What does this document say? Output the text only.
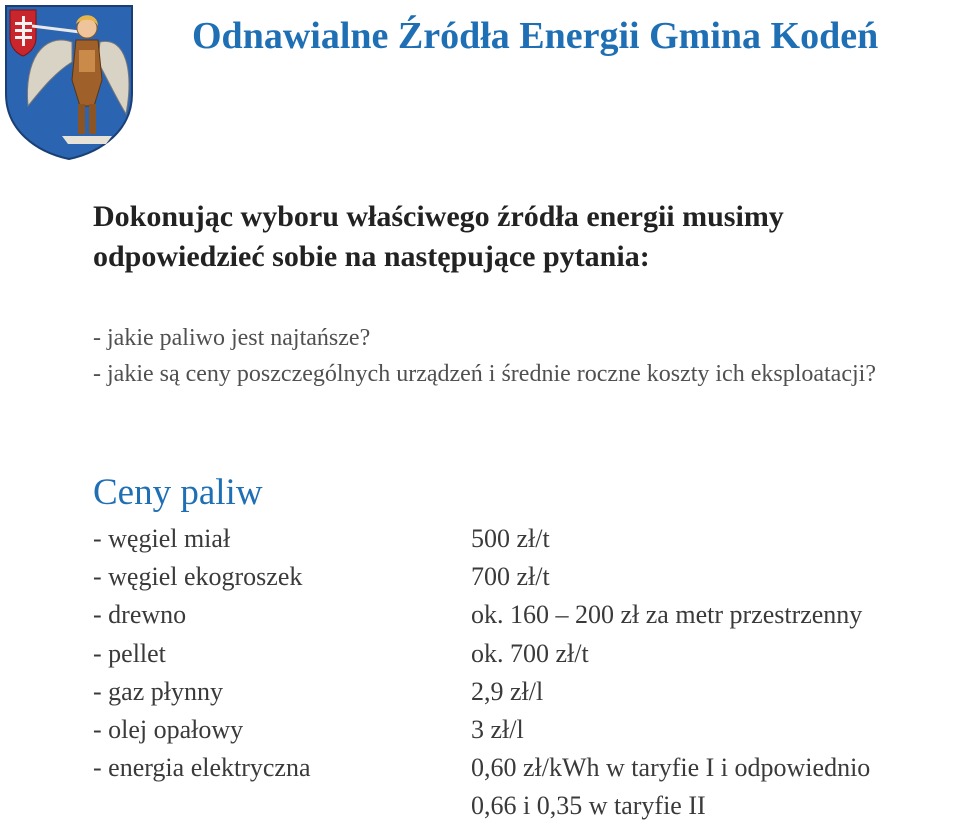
Odnawialne Źródła Energii Gmina Kodeń

Dokonując wyboru właściwego źródła energii musimy odpowiedzieć sobie na następujące pytania:

- jakie paliwo jest najtańsze?
- jakie są ceny poszczególnych urządzeń i średnie roczne koszty ich eksploatacji?
Ceny paliw
- węgiel miał	500 zł/t
- węgiel ekogroszek	700 zł/t
- drewno	ok. 160 – 200 zł za metr przestrzenny
- pellet	ok. 700 zł/t
- gaz płynny	2,9 zł/l
- olej opałowy	3 zł/l
- energia elektryczna	0,60 zł/kWh w taryfie I i odpowiednio
0,66 i 0,35 w taryfie II
